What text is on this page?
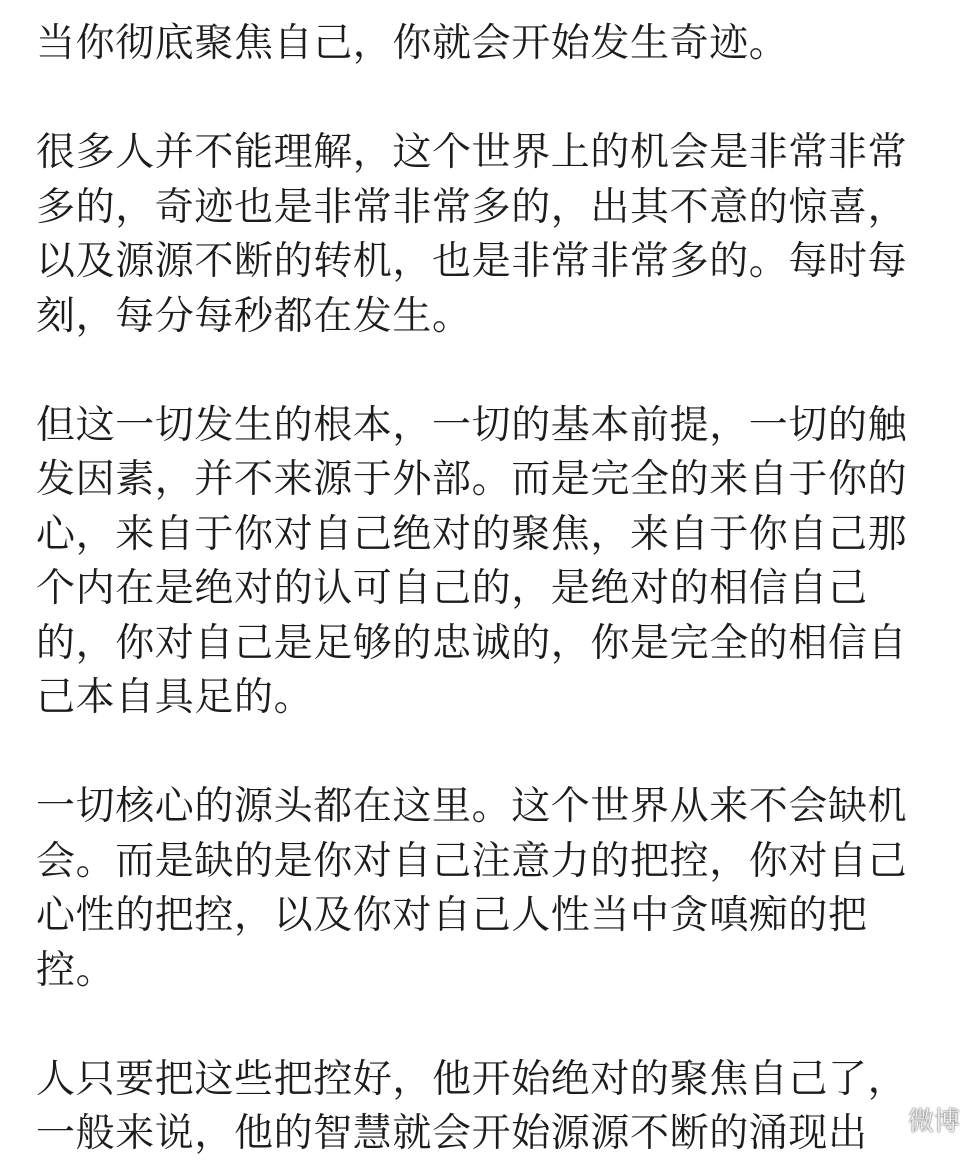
当你彻底聚焦自己，你就会开始发生奇迹。
很多人并不能理解，这个世界上的机会是非常非常
多的，奇迹也是非常非常多的，出其不意的惊喜，
以及源源不断的转机，也是非常非常多的。每时每
刻，每分每秒都在发生。
但这一切发生的根本，一切的基本前提，一切的触
发因素，并不来源于外部。而是完全的来自于你的
心，来自于你对自己绝对的聚焦，来自于你自己那
个内在是绝对的认可自己的，是绝对的相信自己
的，你对自己是足够的忠诚的，你是完全的相信自
己本自具足的。
一切核心的源头都在这里。这个世界从来不会缺机
会。而是缺的是你对自己注意力的把控，你对自己
心性的把控，以及你对自己人性当中贪嗔痴的把
控。
人只要把这些把控好，他开始绝对的聚焦自己了，
一般来说，他的智慧就会开始源源不断的涌现出	微博
